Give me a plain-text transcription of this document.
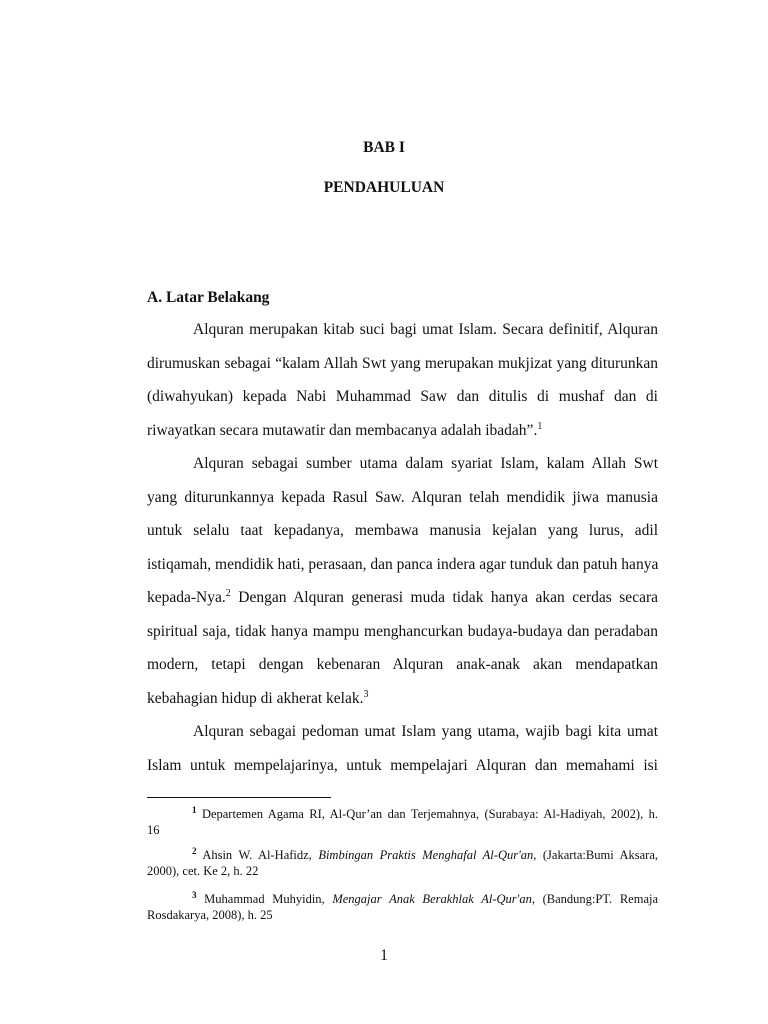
BAB I
PENDAHULUAN
A. Latar Belakang
Alquran merupakan kitab suci bagi umat Islam. Secara definitif, Alquran
dirumuskan sebagai “kalam Allah Swt yang merupakan mukjizat yang diturunkan
(diwahyukan) kepada Nabi Muhammad Saw dan ditulis di mushaf dan di
riwayatkan secara mutawatir dan membacanya adalah ibadah”.$^1$
Alquran sebagai sumber utama dalam syariat Islam, kalam Allah Swt
yang diturunkannya kepada Rasul Saw. Alquran telah mendidik jiwa manusia
untuk selalu taat kepadanya, membawa manusia kejalan yang lurus, adil
istiqamah, mendidik hati, perasaan, dan panca indera agar tunduk dan patuh hanya
kepada-Nya.$^2$ Dengan Alquran generasi muda tidak hanya akan cerdas secara
spiritual saja, tidak hanya mampu menghancurkan budaya-budaya dan peradaban
modern, tetapi dengan kebenaran Alquran anak-anak akan mendapatkan
kebahagian hidup di akherat kelak.$^3$
Alquran sebagai pedoman umat Islam yang utama, wajib bagi kita umat
Islam untuk mempelajarinya, untuk mempelajari Alquran dan memahami isi
$^1$ Departemen Agama RI, Al-Qur’an dan Terjemahnya, (Surabaya: Al-Hadiyah, 2002), h.
16
$^2$ Ahsin W. Al-Hafidz, Bimbingan Praktis Menghafal Al-Qur'an, (Jakarta:Bumi Aksara,
2000), cet. Ke 2, h. 22
$^3$ Muhammad Muhyidin, Mengajar Anak Berakhlak Al-Qur'an, (Bandung:PT. Remaja
Rosdakarya, 2008), h. 25
1
